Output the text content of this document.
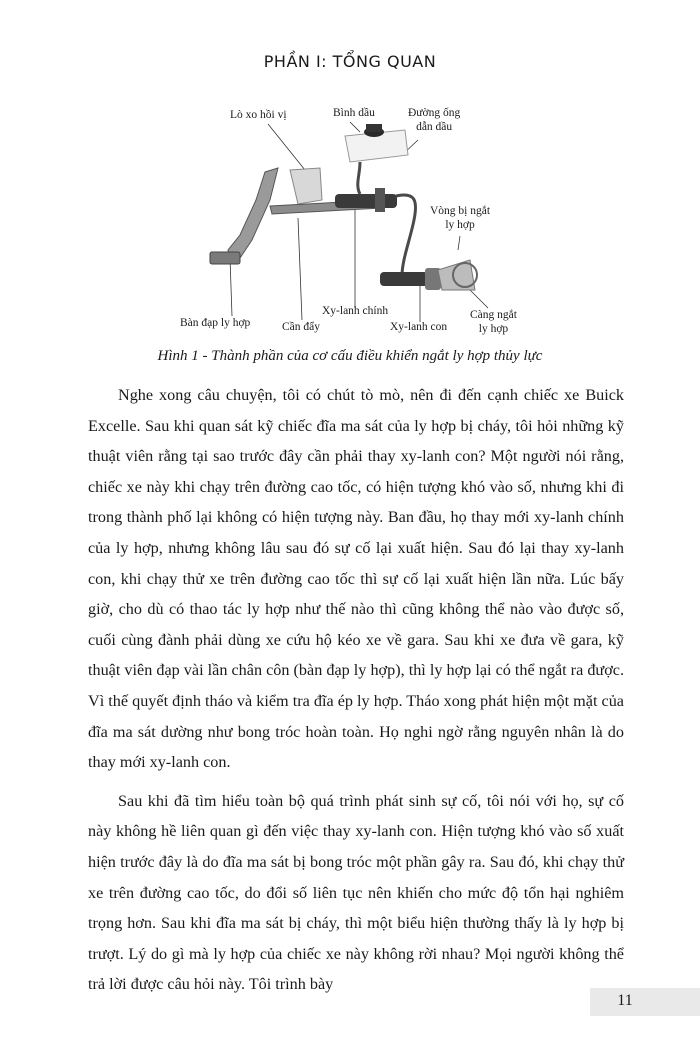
PHẦN I: TỔNG QUAN
Lò xo hồi vị	Bình dầu	Đường ống
dẫn dầu
Vòng bị ngắt
ly hợp
Bàn đạp ly hợp	Cần đẩy
Xy-lanh chính
Xy-lanh con
Càng ngắt
ly hợp
Hình 1 - Thành phần của cơ cấu điều khiển ngắt ly hợp thủy lực

Nghe xong câu chuyện, tôi có chút tò mò, nên đi đến cạnh chiếc xe Buick Excelle. Sau khi quan sát kỹ chiếc đĩa ma sát của ly hợp bị cháy, tôi hỏi những kỹ thuật viên rằng tại sao trước đây cần phải thay xy-lanh con? Một người nói rằng, chiếc xe này khi chạy trên đường cao tốc, có hiện tượng khó vào số, nhưng khi đi trong thành phố lại không có hiện tượng này. Ban đầu, họ thay mới xy-lanh chính của ly hợp, nhưng không lâu sau đó sự cố lại xuất hiện. Sau đó lại thay xy-lanh con, khi chạy thử xe trên đường cao tốc thì sự cố lại xuất hiện lần nữa. Lúc bấy giờ, cho dù có thao tác ly hợp như thế nào thì cũng không thể nào vào được số, cuối cùng đành phải dùng xe cứu hộ kéo xe về gara. Sau khi xe đưa về gara, kỹ thuật viên đạp vài lần chân côn (bàn đạp ly hợp), thì ly hợp lại có thể ngắt ra được. Vì thế quyết định tháo và kiểm tra đĩa ép ly hợp. Tháo xong phát hiện một mặt của đĩa ma sát dường như bong tróc hoàn toàn. Họ nghi ngờ rằng nguyên nhân là do thay mới xy-lanh con.

Sau khi đã tìm hiểu toàn bộ quá trình phát sinh sự cố, tôi nói với họ, sự cố này không hề liên quan gì đến việc thay xy-lanh con. Hiện tượng khó vào số xuất hiện trước đây là do đĩa ma sát bị bong tróc một phần gây ra. Sau đó, khi chạy thử xe trên đường cao tốc, do đổi số liên tục nên khiến cho mức độ tổn hại nghiêm trọng hơn. Sau khi đĩa ma sát bị cháy, thì một biểu hiện thường thấy là ly hợp bị trượt. Lý do gì mà ly hợp của chiếc xe này không rời nhau? Mọi người không thể trả lời được câu hỏi này. Tôi trình bày

11
